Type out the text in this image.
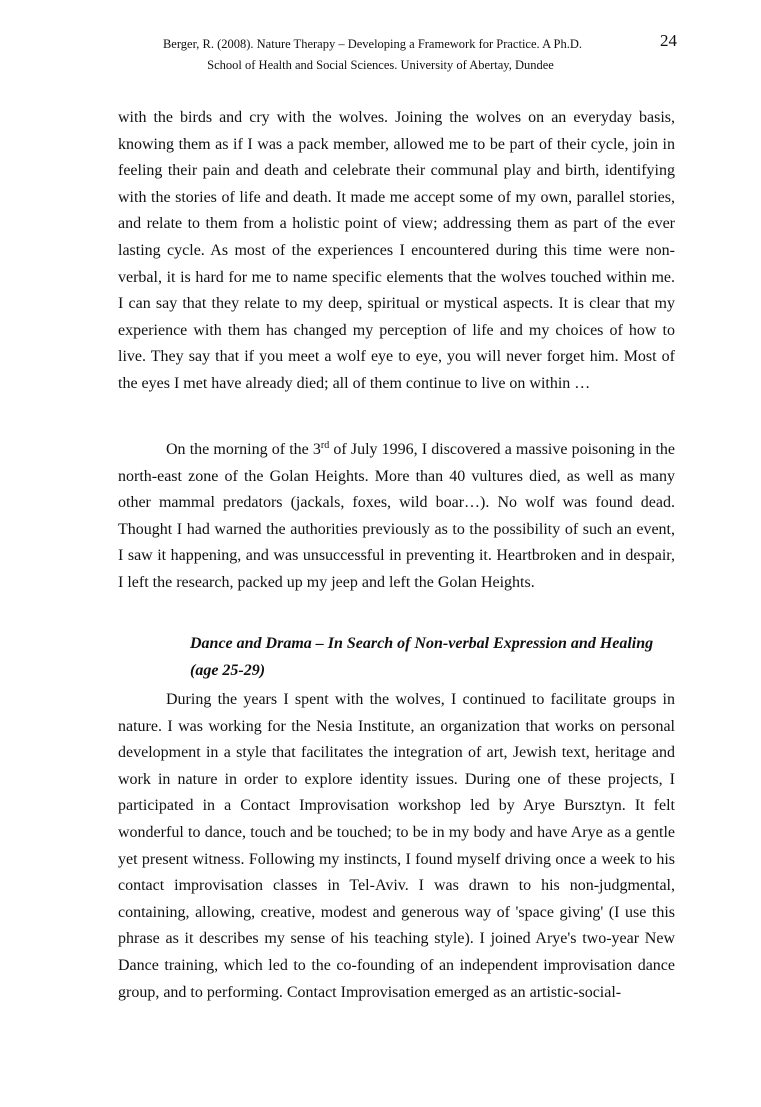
Berger, R. (2008). Nature Therapy – Developing a Framework for Practice. A Ph.D.
School of Health and Social Sciences. University of Abertay, Dundee
24

with the birds and cry with the wolves. Joining the wolves on an everyday basis, knowing them as if I was a pack member, allowed me to be part of their cycle, join in feeling their pain and death and celebrate their communal play and birth, identifying with the stories of life and death. It made me accept some of my own, parallel stories, and relate to them from a holistic point of view; addressing them as part of the ever lasting cycle. As most of the experiences I encountered during this time were non-verbal, it is hard for me to name specific elements that the wolves touched within me. I can say that they relate to my deep, spiritual or mystical aspects. It is clear that my experience with them has changed my perception of life and my choices of how to live. They say that if you meet a wolf eye to eye, you will never forget him. Most of the eyes I met have already died; all of them continue to live on within …

On the morning of the 3rd of July 1996, I discovered a massive poisoning in the north-east zone of the Golan Heights. More than 40 vultures died, as well as many other mammal predators (jackals, foxes, wild boar…). No wolf was found dead. Thought I had warned the authorities previously as to the possibility of such an event, I saw it happening, and was unsuccessful in preventing it. Heartbroken and in despair, I left the research, packed up my jeep and left the Golan Heights.

Dance and Drama – In Search of Non-verbal Expression and Healing
(age 25-29)

During the years I spent with the wolves, I continued to facilitate groups in nature. I was working for the Nesia Institute, an organization that works on personal development in a style that facilitates the integration of art, Jewish text, heritage and work in nature in order to explore identity issues. During one of these projects, I participated in a Contact Improvisation workshop led by Arye Bursztyn. It felt wonderful to dance, touch and be touched; to be in my body and have Arye as a gentle yet present witness. Following my instincts, I found myself driving once a week to his contact improvisation classes in Tel-Aviv. I was drawn to his non-judgmental, containing, allowing, creative, modest and generous way of 'space giving' (I use this phrase as it describes my sense of his teaching style). I joined Arye's two-year New Dance training, which led to the co-founding of an independent improvisation dance group, and to performing. Contact Improvisation emerged as an artistic-social-
